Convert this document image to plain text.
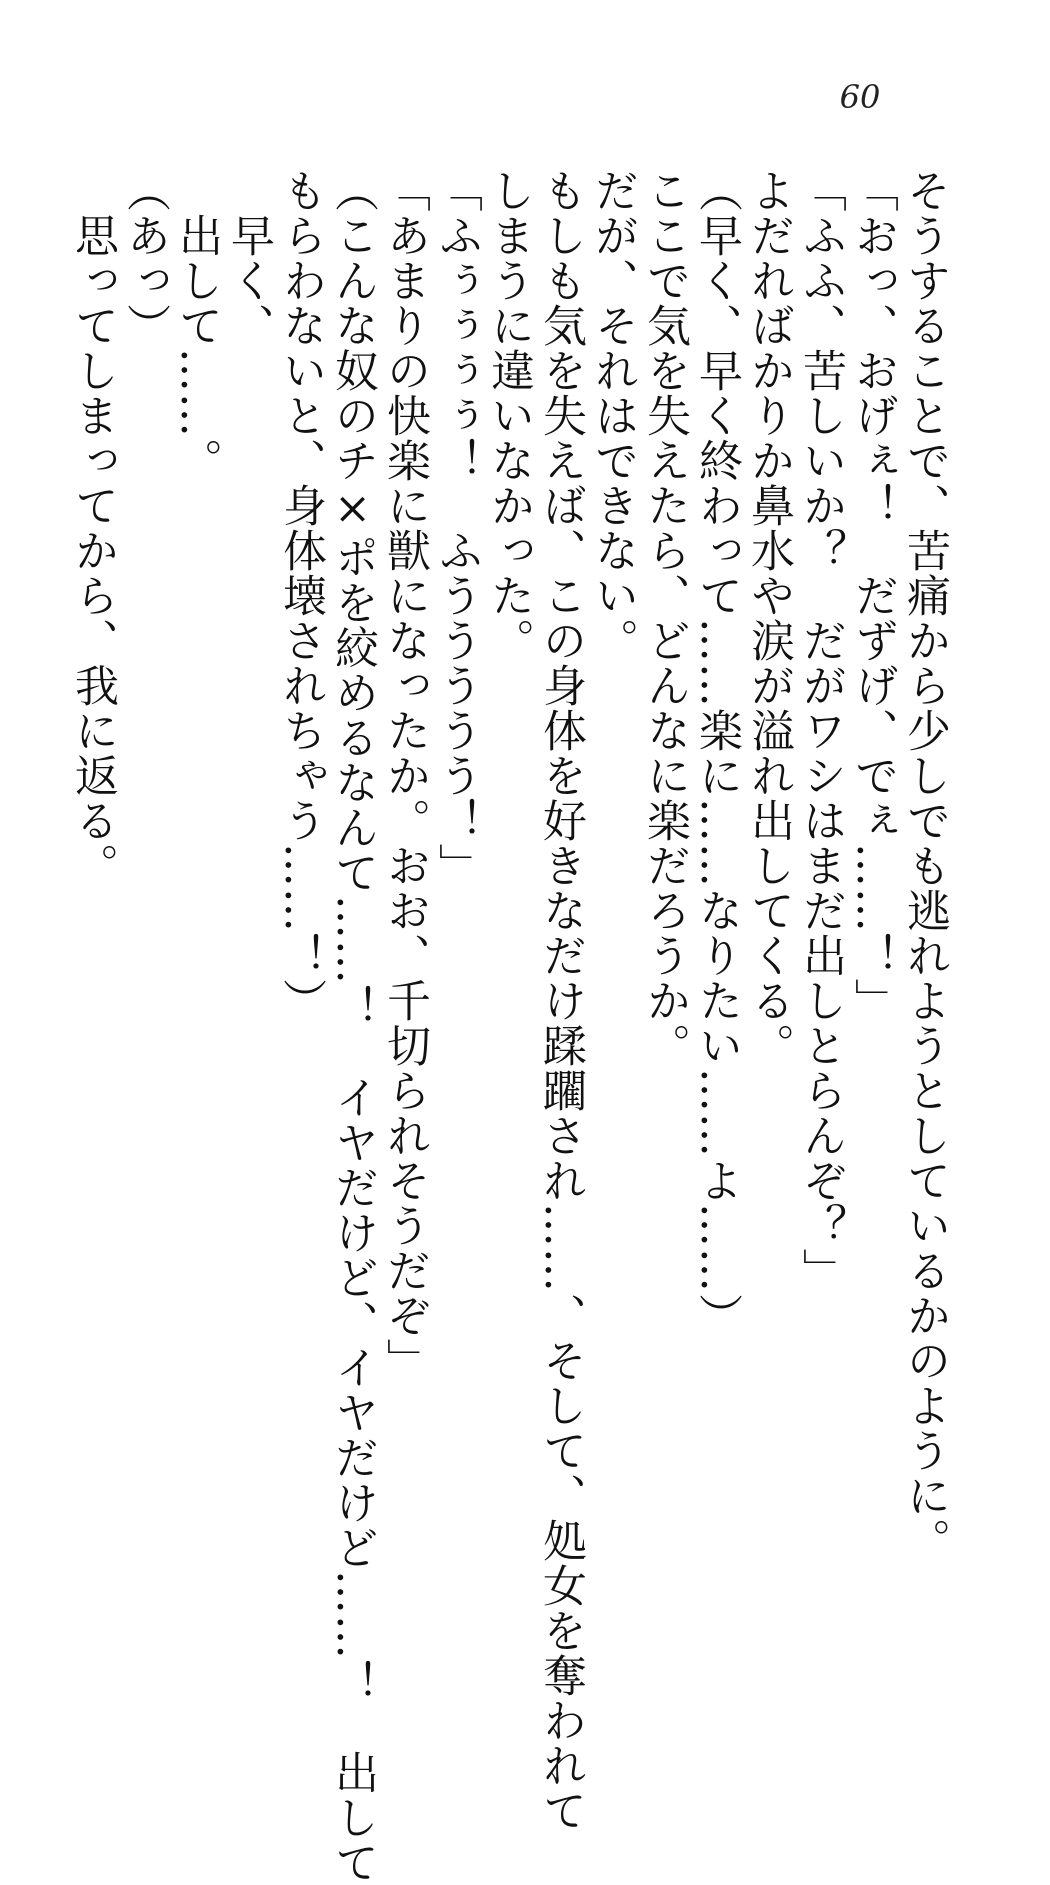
60
そうすることで、苦痛から少しでも逃れようとしているかのように。
「おっ、おげぇ！　だずげ、でぇ……！」
「ふふ、苦しいか？　だがワシはまだ出しとらんぞ？」
よだればかりか鼻水や涙が溢れ出してくる。
（早く、早く終わって……楽に……なりたい……よ……）
ここで気を失えたら、どんなに楽だろうか。
だが、それはできない。
もしも気を失えば、この身体を好きなだけ蹂躙され……、そして、処女を奪われて
しまうに違いなかった。
「ふぅぅぅぅ！　ふううううう！」
「あまりの快楽に獣になったか。おお、千切られそうだぞ」
（こんな奴のチ×ポを絞めるなんて……！　イヤだけど、イヤだけど……！　出して
もらわないと、身体壊されちゃう……！）
　早く、
　出して……。
（あっ）
　思ってしまってから、我に返る。
